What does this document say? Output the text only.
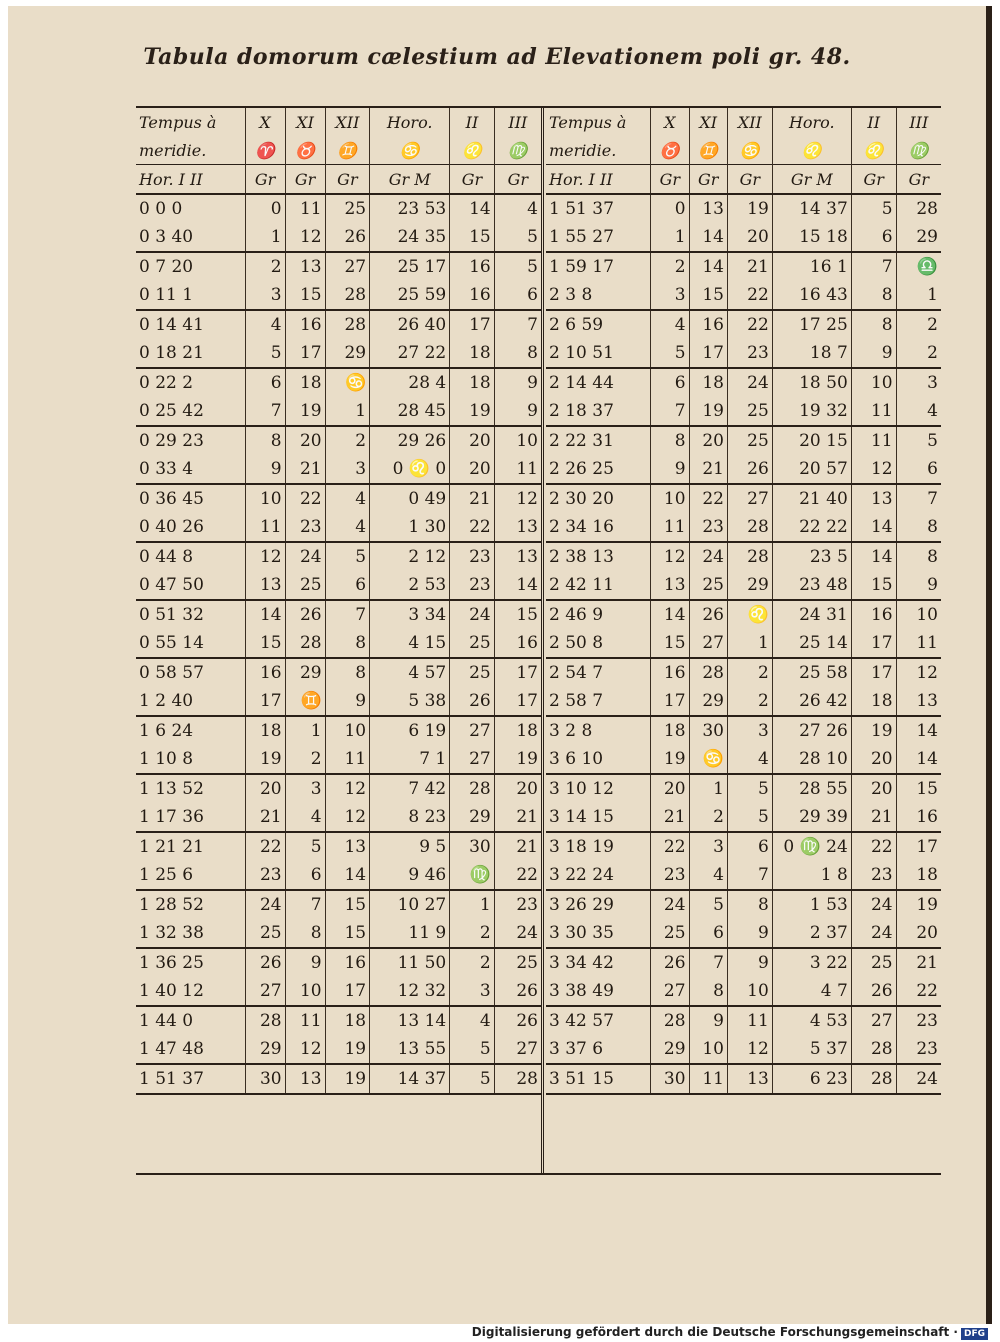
Tabula domorum cælestium ad Elevationem poli gr. 48.
Tempus à	X	XI	XII	Horo.	II	III
meridie.	♈	♉	♊	♋	♌	♍
Hor. I II	Gr	Gr	Gr	Gr M	Gr	Gr
0 0 0	0	11	25	23 53	14	4
0 3 40	1	12	26	24 35	15	5
0 7 20	2	13	27	25 17	16	5
0 11 1	3	15	28	25 59	16	6
0 14 41	4	16	28	26 40	17	7
0 18 21	5	17	29	27 22	18	8
0 22 2	6	18	♋	28 4	18	9
0 25 42	7	19	1	28 45	19	9
0 29 23	8	20	2	29 26	20	10
0 33 4	9	21	3	0 ♌ 0	20	11
0 36 45	10	22	4	0 49	21	12
0 40 26	11	23	4	1 30	22	13
0 44 8	12	24	5	2 12	23	13
0 47 50	13	25	6	2 53	23	14
0 51 32	14	26	7	3 34	24	15
0 55 14	15	28	8	4 15	25	16
0 58 57	16	29	8	4 57	25	17
1 2 40	17	♊	9	5 38	26	17
1 6 24	18	1	10	6 19	27	18
1 10 8	19	2	11	7 1	27	19
1 13 52	20	3	12	7 42	28	20
1 17 36	21	4	12	8 23	29	21
1 21 21	22	5	13	9 5	30	21
1 25 6	23	6	14	9 46	♍	22
1 28 52	24	7	15	10 27	1	23
1 32 38	25	8	15	11 9	2	24
1 36 25	26	9	16	11 50	2	25
1 40 12	27	10	17	12 32	3	26
1 44 0	28	11	18	13 14	4	26
1 47 48	29	12	19	13 55	5	27
1 51 37	30	13	19	14 37	5	28
Tempus à	X	XI	XII	Horo.	II	III
meridie.	♉	♊	♋	♌	♌	♍
Hor. I II	Gr	Gr	Gr	Gr M	Gr	Gr
1 51 37	0	13	19	14 37	5	28
1 55 27	1	14	20	15 18	6	29
1 59 17	2	14	21	16 1	7	♎
2 3 8	3	15	22	16 43	8	1
2 6 59	4	16	22	17 25	8	2
2 10 51	5	17	23	18 7	9	2
2 14 44	6	18	24	18 50	10	3
2 18 37	7	19	25	19 32	11	4
2 22 31	8	20	25	20 15	11	5
2 26 25	9	21	26	20 57	12	6
2 30 20	10	22	27	21 40	13	7
2 34 16	11	23	28	22 22	14	8
2 38 13	12	24	28	23 5	14	8
2 42 11	13	25	29	23 48	15	9
2 46 9	14	26	♌	24 31	16	10
2 50 8	15	27	1	25 14	17	11
2 54 7	16	28	2	25 58	17	12
2 58 7	17	29	2	26 42	18	13
3 2 8	18	30	3	27 26	19	14
3 6 10	19	♋	4	28 10	20	14
3 10 12	20	1	5	28 55	20	15
3 14 15	21	2	5	29 39	21	16
3 18 19	22	3	6	0 ♍ 24	22	17
3 22 24	23	4	7	1 8	23	18
3 26 29	24	5	8	1 53	24	19
3 30 35	25	6	9	2 37	24	20
3 34 42	26	7	9	3 22	25	21
3 38 49	27	8	10	4 7	26	22
3 42 57	28	9	11	4 53	27	23
3 37 6	29	10	12	5 37	28	23
3 51 15	30	11	13	6 23	28	24
Digitalisierung gefördert durch die Deutsche Forschungsgemeinschaft · DFG
